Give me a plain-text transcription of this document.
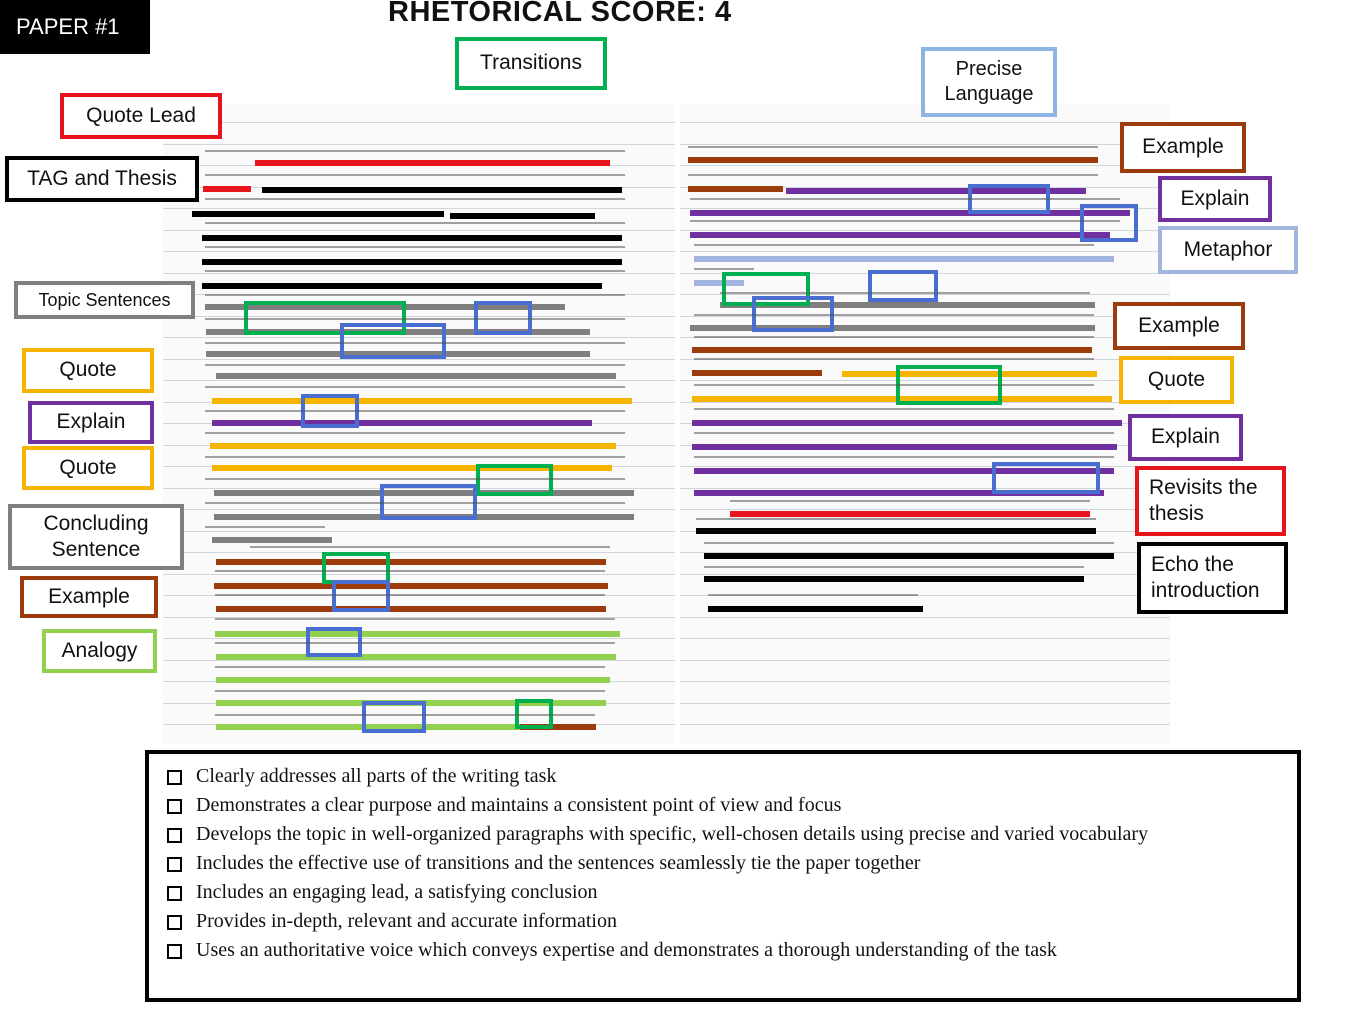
PAPER #1	RHETORICAL SCORE: 4
Transitions
Quote Lead
TAG and Thesis
Topic Sentences
Quote
Explain
Quote
Concluding Sentence
Example
Analogy
Precise Language
Example
Explain
Metaphor
Example
Quote
Explain
Revisits the thesis
Echo the introduction
Clearly addresses all parts of the writing task
Demonstrates a clear purpose and maintains a consistent point of view and focus
Develops the topic in well-organized paragraphs with specific, well-chosen details using precise and varied vocabulary
Includes the effective use of transitions and the sentences seamlessly tie the paper together
Includes an engaging lead, a satisfying conclusion
Provides in-depth, relevant and accurate information
Uses an authoritative voice which conveys expertise and demonstrates a thorough understanding of the task
